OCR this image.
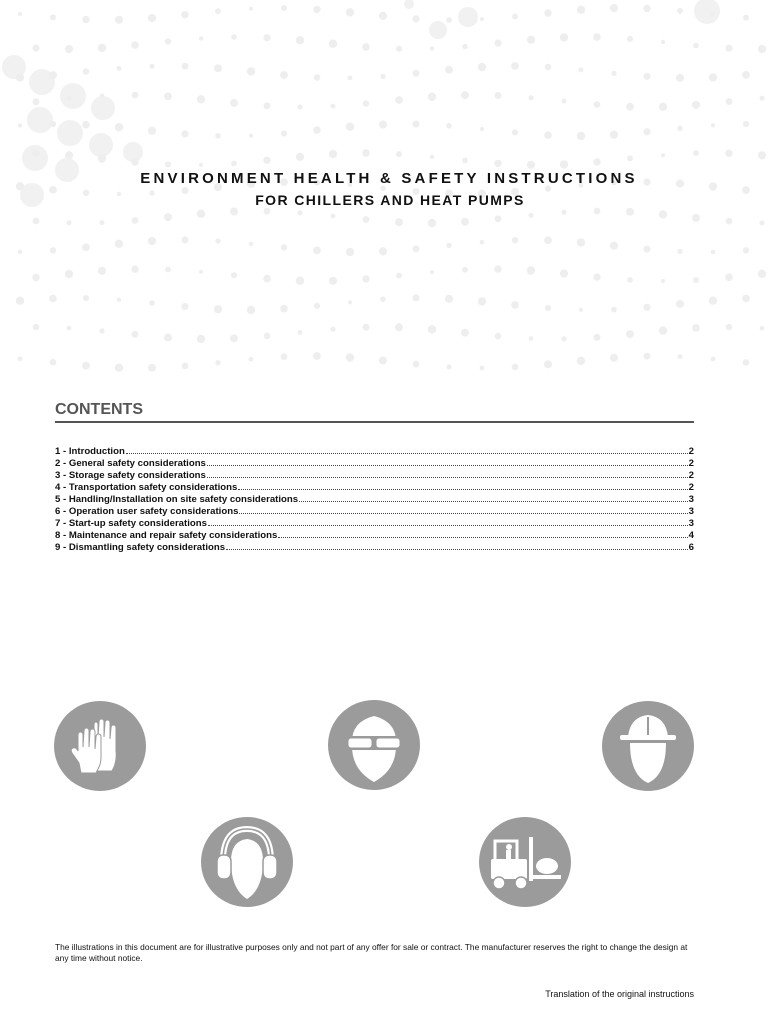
ENVIRONMENT HEALTH & SAFETY INSTRUCTIONS
FOR CHILLERS AND HEAT PUMPS
CONTENTS
1 - Introduction	2
2 - General safety considerations	2
3 - Storage safety considerations	2
4 - Transportation safety considerations	2
5 - Handling/Installation on site safety considerations	3
6 - Operation user safety considerations	3
7 - Start-up safety considerations	3
8 - Maintenance and repair safety considerations	4
9 - Dismantling safety considerations	6
The illustrations in this document are for illustrative purposes only and not part of any offer for sale or contract. The manufacturer reserves the right to change the design at any time without notice.
Translation of the original instructions
